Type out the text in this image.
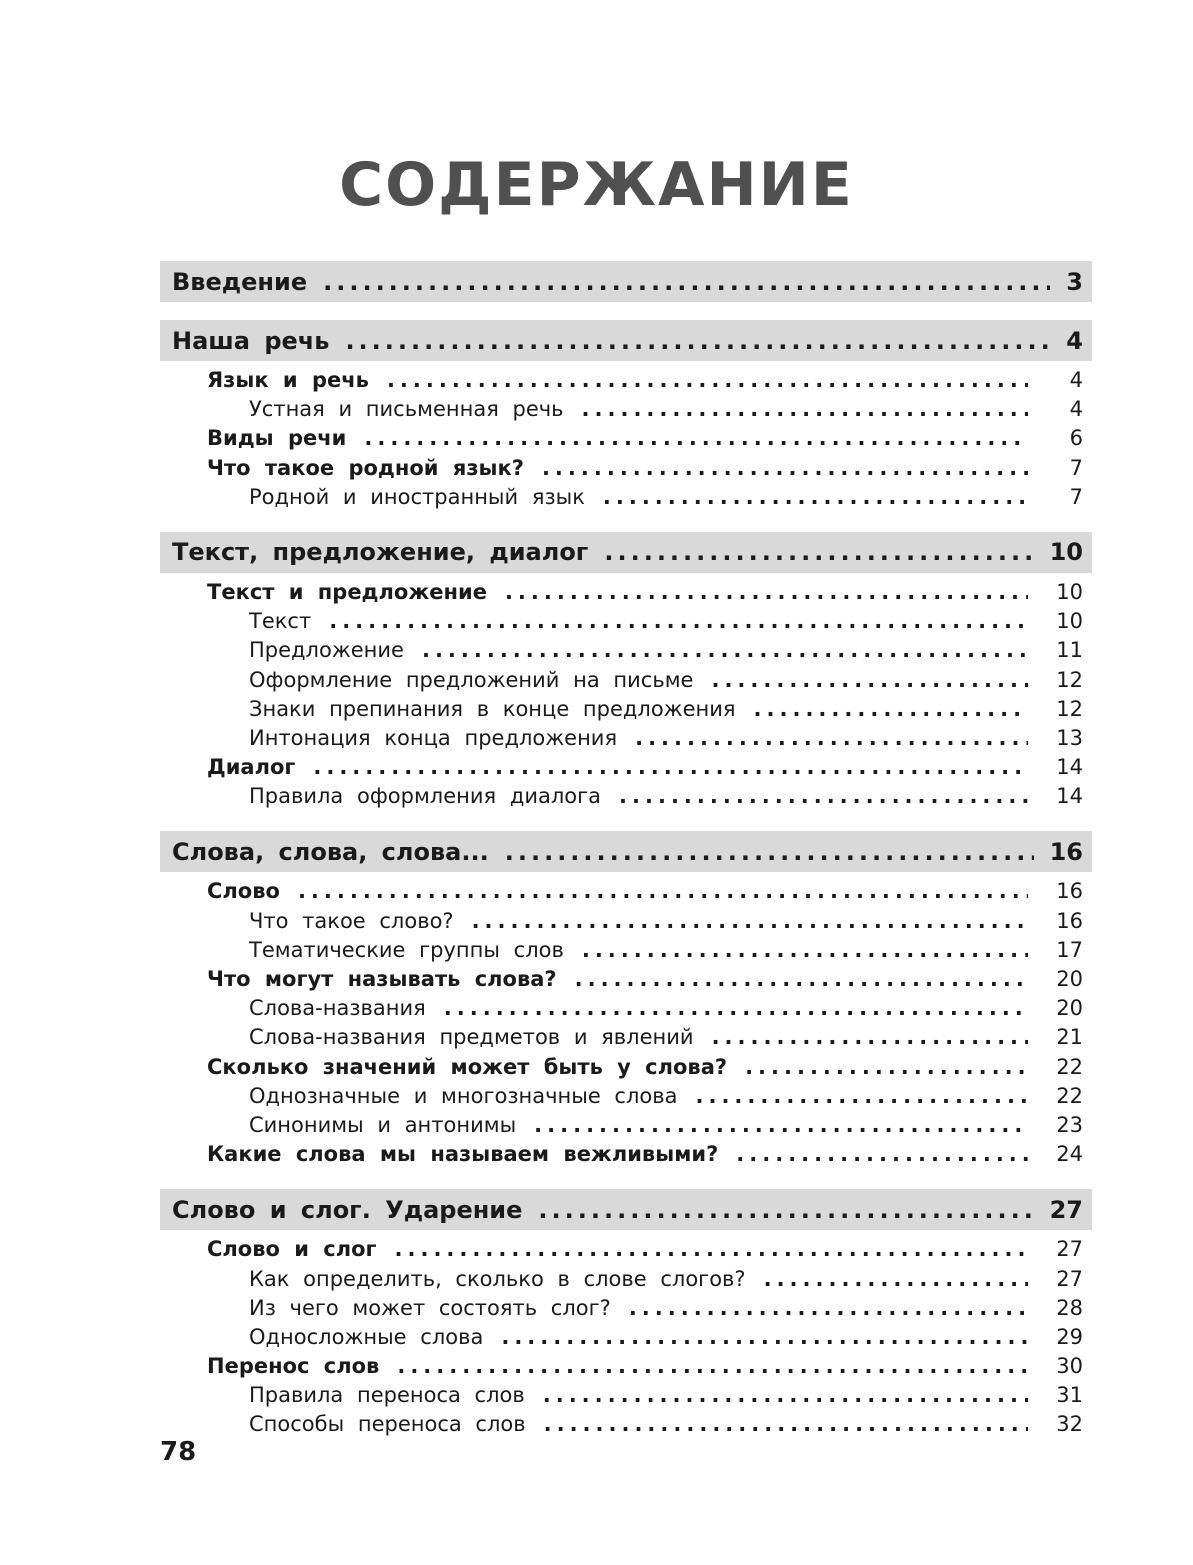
СОДЕРЖАНИЕ
Введение .....	3
Наша речь .....	4
Язык и речь .....	4
Устная и письменная речь .....	4
Виды речи .....	6
Что такое родной язык? .....	7
Родной и иностранный язык .....	7
Текст, предложение, диалог .....	10
Текст и предложение .....	10
Текст .....	10
Предложение .....	11
Оформление предложений на письме .....	12
Знаки препинания в конце предложения .....	12
Интонация конца предложения .....	13
Диалог .....	14
Правила оформления диалога .....	14
Слова, слова, слова... .....	16
Слово .....	16
Что такое слово? .....	16
Тематические группы слов .....	17
Что могут называть слова? .....	20
Слова-названия .....	20
Слова-названия предметов и явлений .....	21
Сколько значений может быть у слова? .....	22
Однозначные и многозначные слова .....	22
Синонимы и антонимы .....	23
Какие слова мы называем вежливыми? .....	24
Слово и слог. Ударение .....	27
Слово и слог .....	27
Как определить, сколько в слове слогов? .....	27
Из чего может состоять слог? .....	28
Односложные слова .....	29
Перенос слов .....	30
Правила переноса слов .....	31
Способы переноса слов .....	32
78
